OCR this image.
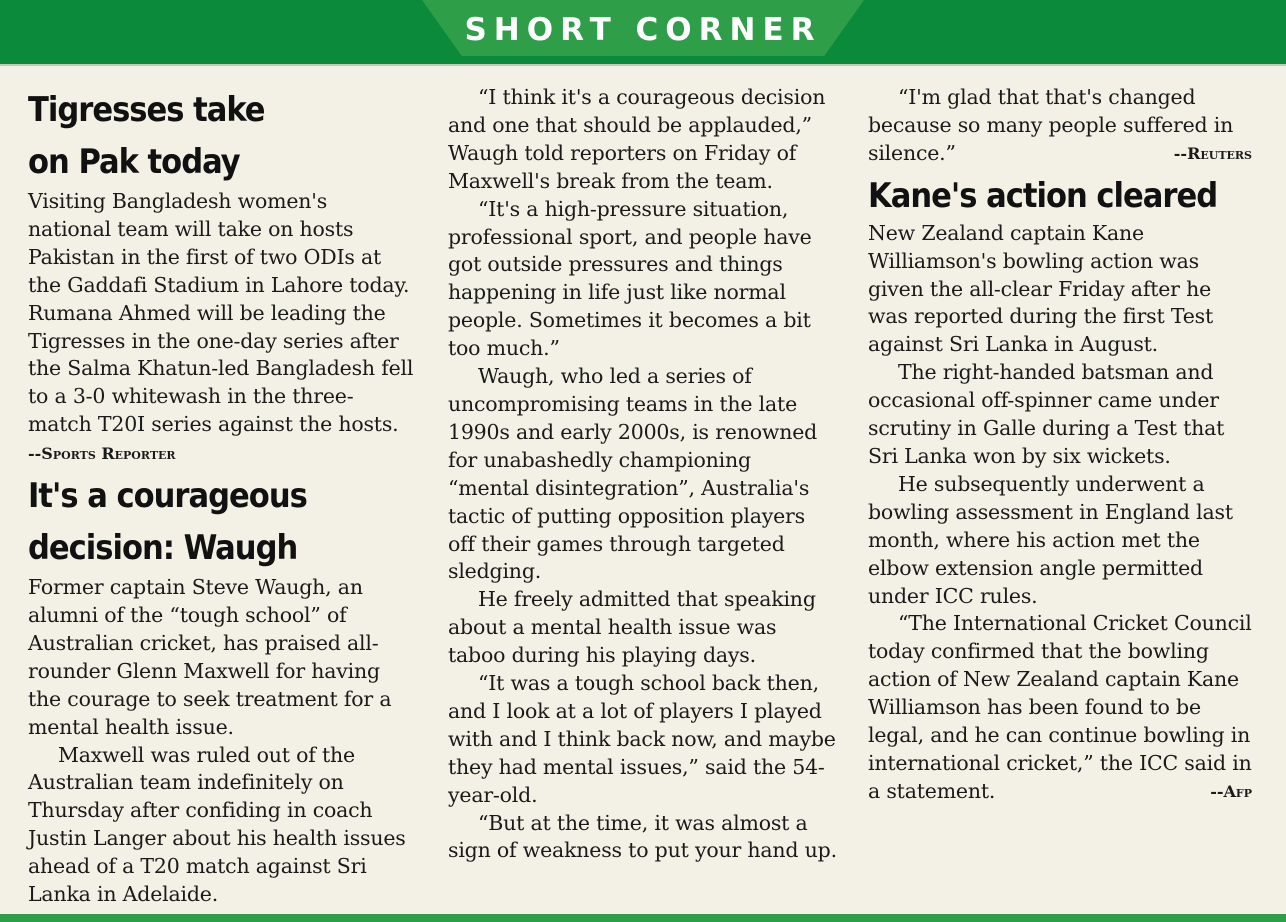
SHORT CORNER
Tigresses take
on Pak today

Visiting Bangladesh women's national team will take on hosts Pakistan in the first of two ODIs at the Gaddafi Stadium in Lahore today. Rumana Ahmed will be leading the Tigresses in the one-day series after the Salma Khatun-led Bangladesh fell to a 3-0 whitewash in the three-match T20I series against the hosts.  --Sports Reporter

It's a courageous
decision: Waugh

Former captain Steve Waugh, an alumni of the “tough school” of Australian cricket, has praised all-rounder Glenn Maxwell for having the courage to seek treatment for a mental health issue.

Maxwell was ruled out of the Australian team indefinitely on Thursday after confiding in coach Justin Langer about his health issues ahead of a T20 match against Sri Lanka in Adelaide.

“I think it's a courageous decision and one that should be applauded,” Waugh told reporters on Friday of Maxwell's break from the team.

“It's a high-pressure situation, professional sport, and people have got outside pressures and things happening in life just like normal people. Sometimes it becomes a bit too much.”

Waugh, who led a series of uncompromising teams in the late 1990s and early 2000s, is renowned for unabashedly championing “mental disintegration”, Australia's tactic of putting opposition players off their games through targeted sledging.

He freely admitted that speaking about a mental health issue was taboo during his playing days.

“It was a tough school back then, and I look at a lot of players I played with and I think back now, and maybe they had mental issues,” said the 54-year-old.

“But at the time, it was almost a sign of weakness to put your hand up.

“I'm glad that that's changed because so many people suffered in silence.”	--Reuters

Kane's action cleared

New Zealand captain Kane Williamson's bowling action was given the all-clear Friday after he was reported during the first Test against Sri Lanka in August.

The right-handed batsman and occasional off-spinner came under scrutiny in Galle during a Test that Sri Lanka won by six wickets.

He subsequently underwent a bowling assessment in England last month, where his action met the elbow extension angle permitted under ICC rules.

“The International Cricket Council today confirmed that the bowling action of New Zealand captain Kane Williamson has been found to be legal, and he can continue bowling in international cricket,” the ICC said in a statement.	--Afp
